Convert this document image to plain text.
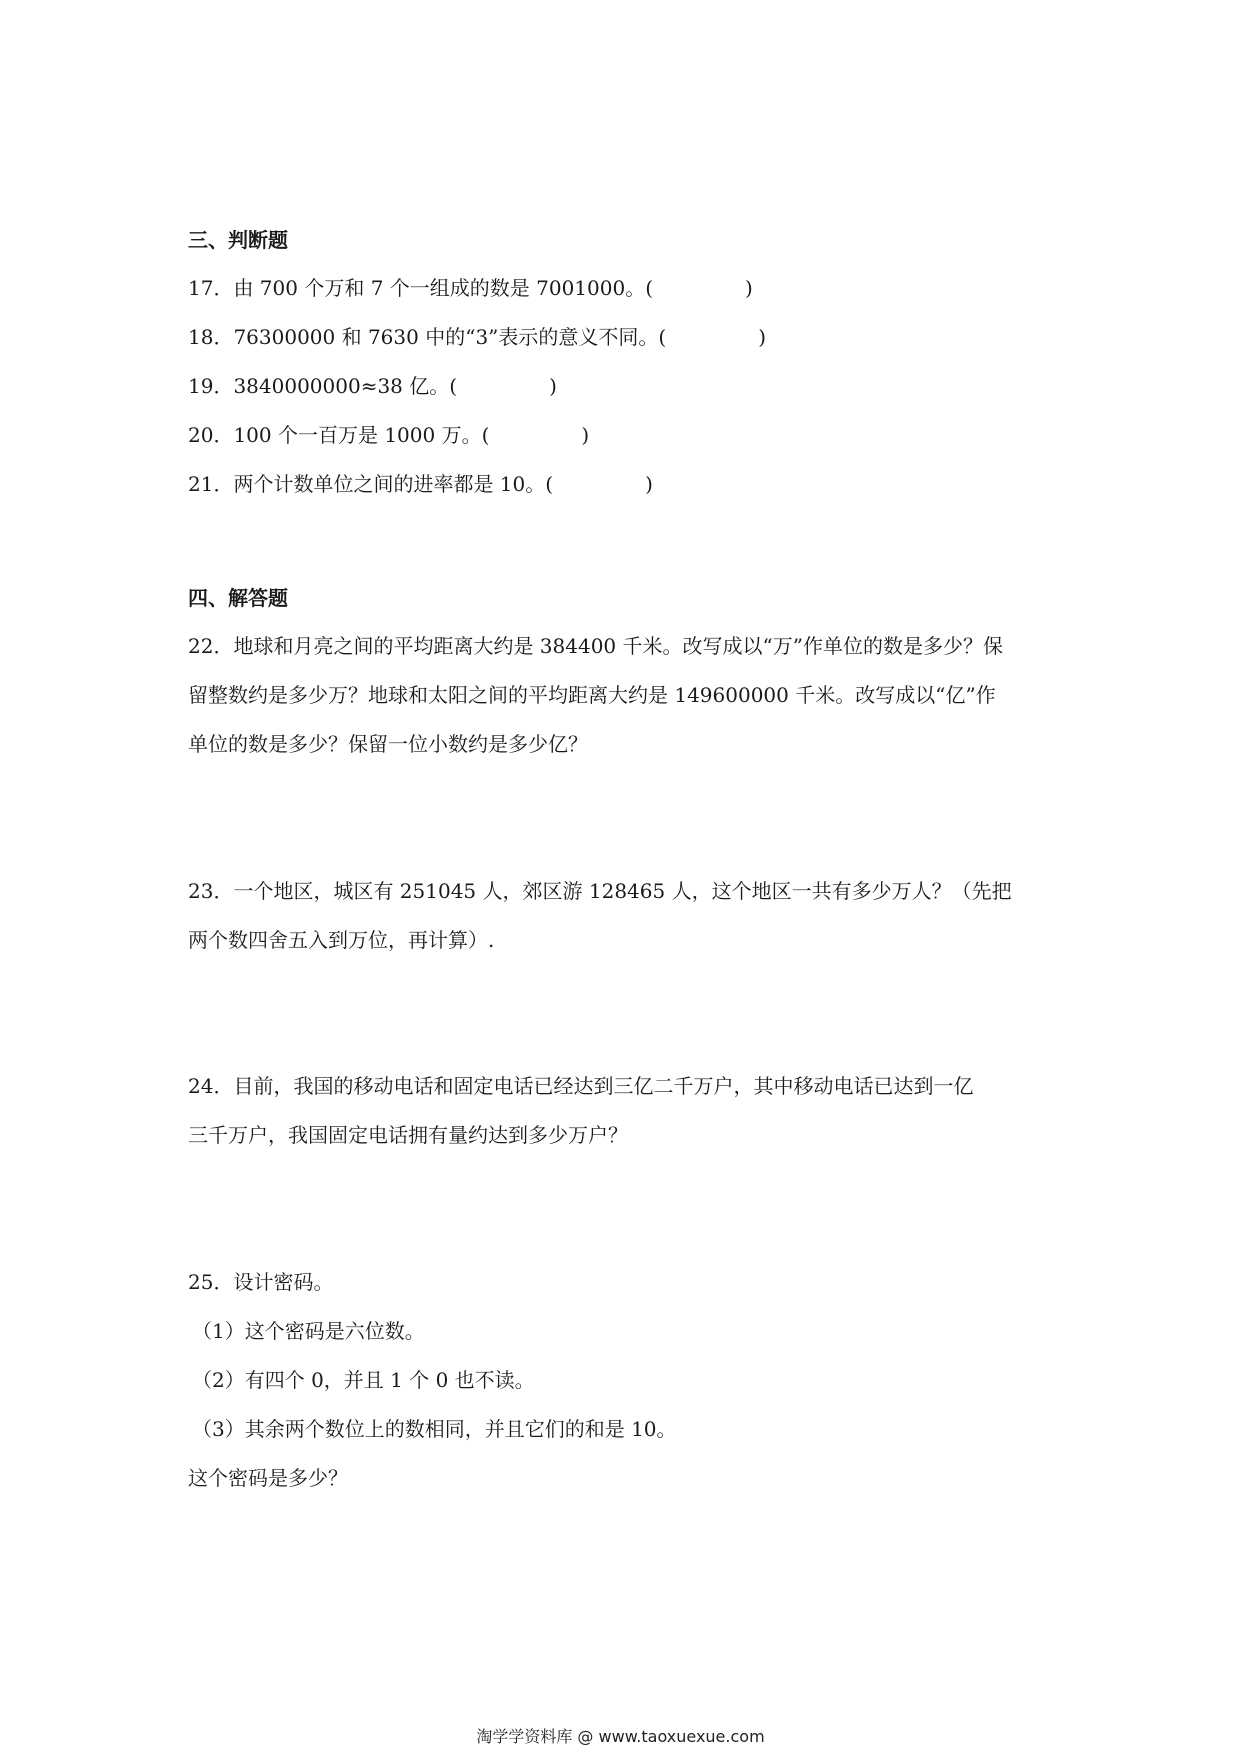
三、判断题
17．由 700 个万和 7 个一组成的数是 7001000。(	)
18．76300000 和 7630 中的“3”表示的意义不同。(	)
19．3840000000≈38 亿。(	)
20．100 个一百万是 1000 万。(	)
21．两个计数单位之间的进率都是 10。(	)
四、解答题
22．地球和月亮之间的平均距离大约是 384400 千米。改写成以“万”作单位的数是多少？保
留整数约是多少万？地球和太阳之间的平均距离大约是 149600000 千米。改写成以“亿”作
单位的数是多少？保留一位小数约是多少亿？
23．一个地区，城区有 251045 人，郊区游 128465 人，这个地区一共有多少万人？（先把
两个数四舍五入到万位，再计算）.
24．目前，我国的移动电话和固定电话已经达到三亿二千万户，其中移动电话已达到一亿
三千万户，我国固定电话拥有量约达到多少万户？
25．设计密码。
（1）这个密码是六位数。
（2）有四个 0，并且 1 个 0 也不读。
（3）其余两个数位上的数相同，并且它们的和是 10。
这个密码是多少？
淘学学资料库 @ www.taoxuexue.com
